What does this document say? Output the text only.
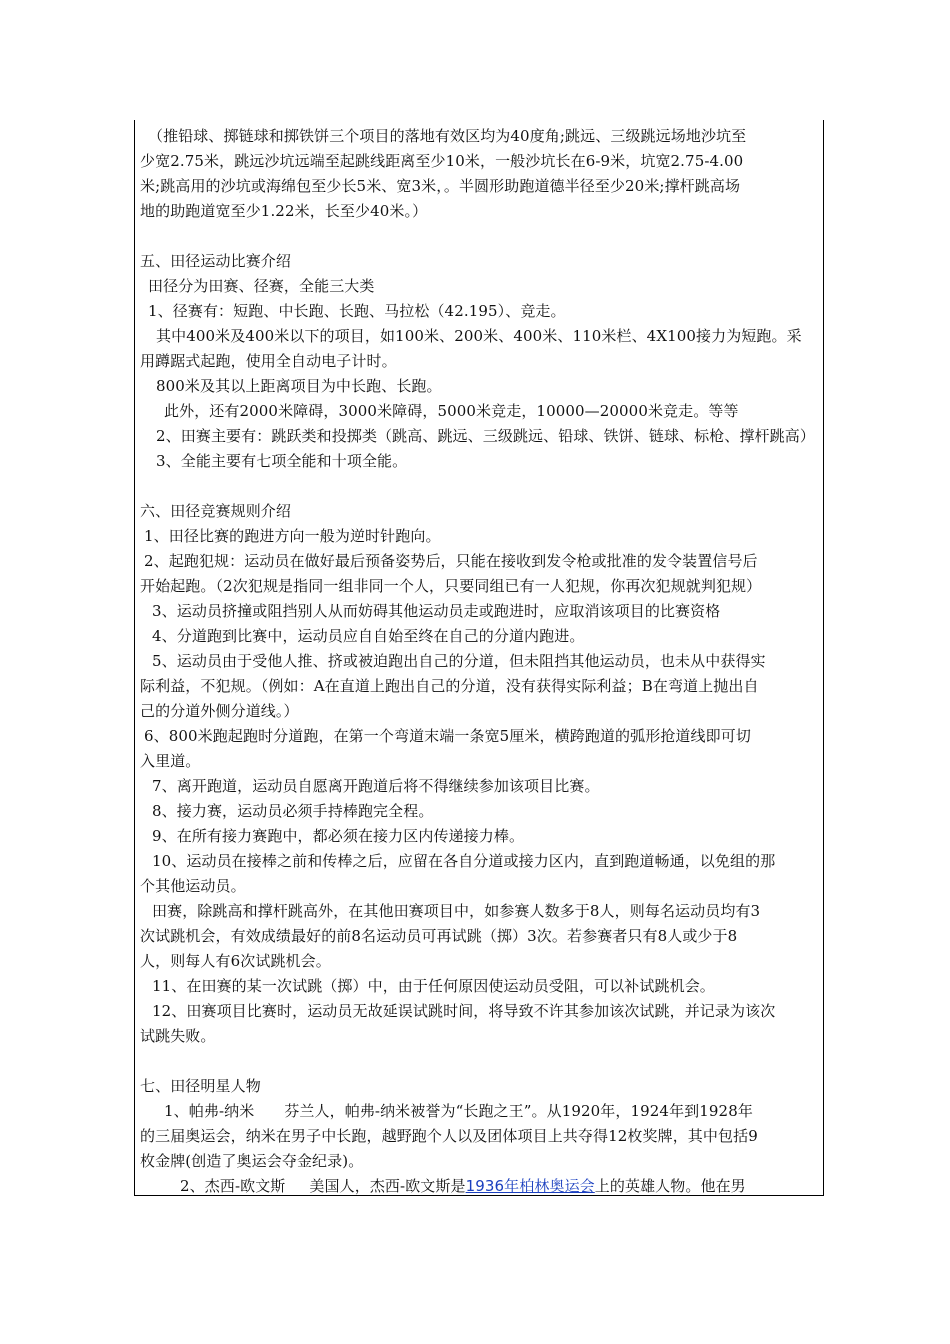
（推铅球、掷链球和掷铁饼三个项目的落地有效区均为40度角;跳远、三级跳远场地沙坑至
少宽2.75米，跳远沙坑远端至起跳线距离至少10米，一般沙坑长在6-9米，坑宽2.75-4.00
米;跳高用的沙坑或海绵包至少长5米、宽3米，。半圆形助跑道德半径至少20米;撑杆跳高场
地的助跑道宽至少1.22米，长至少40米。）
五、田径运动比赛介绍
田径分为田赛、径赛，全能三大类
1、径赛有：短跑、中长跑、长跑、马拉松（42.195）、竞走。
其中400米及400米以下的项目，如100米、200米、400米、110米栏、4X100接力为短跑。采
用蹲踞式起跑，使用全自动电子计时。
800米及其以上距离项目为中长跑、长跑。
此外，还有2000米障碍，3000米障碍，5000米竞走，10000—20000米竞走。等等
2、田赛主要有：跳跃类和投掷类（跳高、跳远、三级跳远、铅球、铁饼、链球、标枪、撑杆跳高）
3、全能主要有七项全能和十项全能。
六、田径竞赛规则介绍
1、田径比赛的跑进方向一般为逆时针跑向。
2、起跑犯规：运动员在做好最后预备姿势后，只能在接收到发令枪或批准的发令装置信号后
开始起跑。（2次犯规是指同一组非同一个人，只要同组已有一人犯规，你再次犯规就判犯规）
3、运动员挤撞或阻挡别人从而妨碍其他运动员走或跑进时，应取消该项目的比赛资格
4、分道跑到比赛中，运动员应自自始至终在自己的分道内跑进。
5、运动员由于受他人推、挤或被迫跑出自己的分道，但未阻挡其他运动员，也未从中获得实
际利益，不犯规。（例如：A在直道上跑出自己的分道，没有获得实际利益；B在弯道上抛出自
己的分道外侧分道线。）
6、800米跑起跑时分道跑，在第一个弯道末端一条宽5厘米，横跨跑道的弧形抢道线即可切
入里道。
7、离开跑道，运动员自愿离开跑道后将不得继续参加该项目比赛。
8、接力赛，运动员必须手持棒跑完全程。
9、在所有接力赛跑中，都必须在接力区内传递接力棒。
10、运动员在接棒之前和传棒之后，应留在各自分道或接力区内，直到跑道畅通，以免组的那
个其他运动员。
田赛，除跳高和撑杆跳高外，在其他田赛项目中，如参赛人数多于8人，则每名运动员均有3
次试跳机会，有效成绩最好的前8名运动员可再试跳（掷）3次。若参赛者只有8人或少于8
人，则每人有6次试跳机会。
11、在田赛的某一次试跳（掷）中，由于任何原因使运动员受阻，可以补试跳机会。
12、田赛项目比赛时，运动员无故延误试跳时间，将导致不许其参加该次试跳，并记录为该次
试跳失败。
七、田径明星人物
1、帕弗-纳米 芬兰人，帕弗-纳米被誉为“长跑之王”。从1920年，1924年到1928年
的三届奥运会，纳米在男子中长跑，越野跑个人以及团体项目上共夺得12枚奖牌，其中包括9
枚金牌(创造了奥运会夺金纪录)。
2、杰西-欧文斯 美国人，杰西-欧文斯是1936年柏林奥运会上的英雄人物。他在男
